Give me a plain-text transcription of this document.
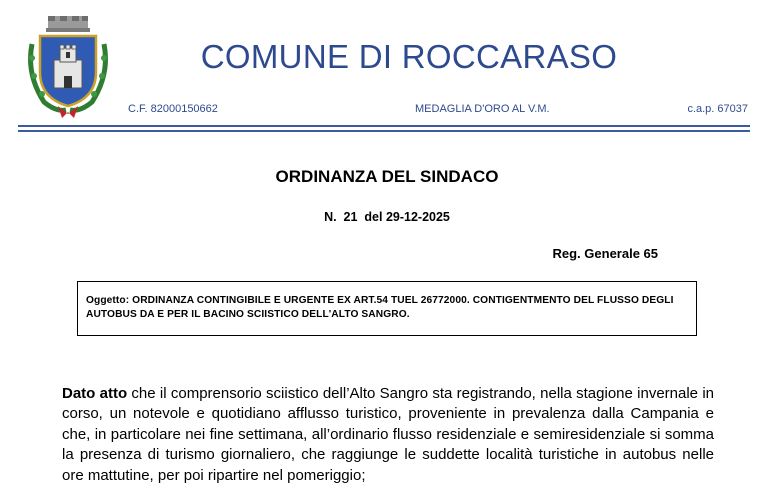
COMUNE DI ROCCARASO
C.F. 82000150662	MEDAGLIA D'ORO AL V.M.	c.a.p. 67037
ORDINANZA DEL SINDACO
N.  21  del 29-12-2025
Reg. Generale 65
Oggetto: ORDINANZA CONTINGIBILE E URGENTE EX ART.54 TUEL 26772000. CONTIGENTMENTO DEL FLUSSO DEGLI AUTOBUS DA E PER IL BACINO SCIISTICO DELL'ALTO SANGRO.
Dato atto che il comprensorio sciistico dell’Alto Sangro sta registrando, nella stagione invernale in corso, un notevole e quotidiano afflusso turistico, proveniente in prevalenza dalla Campania e che, in particolare nei fine settimana, all’ordinario flusso residenziale e semiresidenziale si somma la presenza di turismo giornaliero, che raggiunge le suddette località turistiche in autobus nelle ore mattutine, per poi ripartire nel pomeriggio;
